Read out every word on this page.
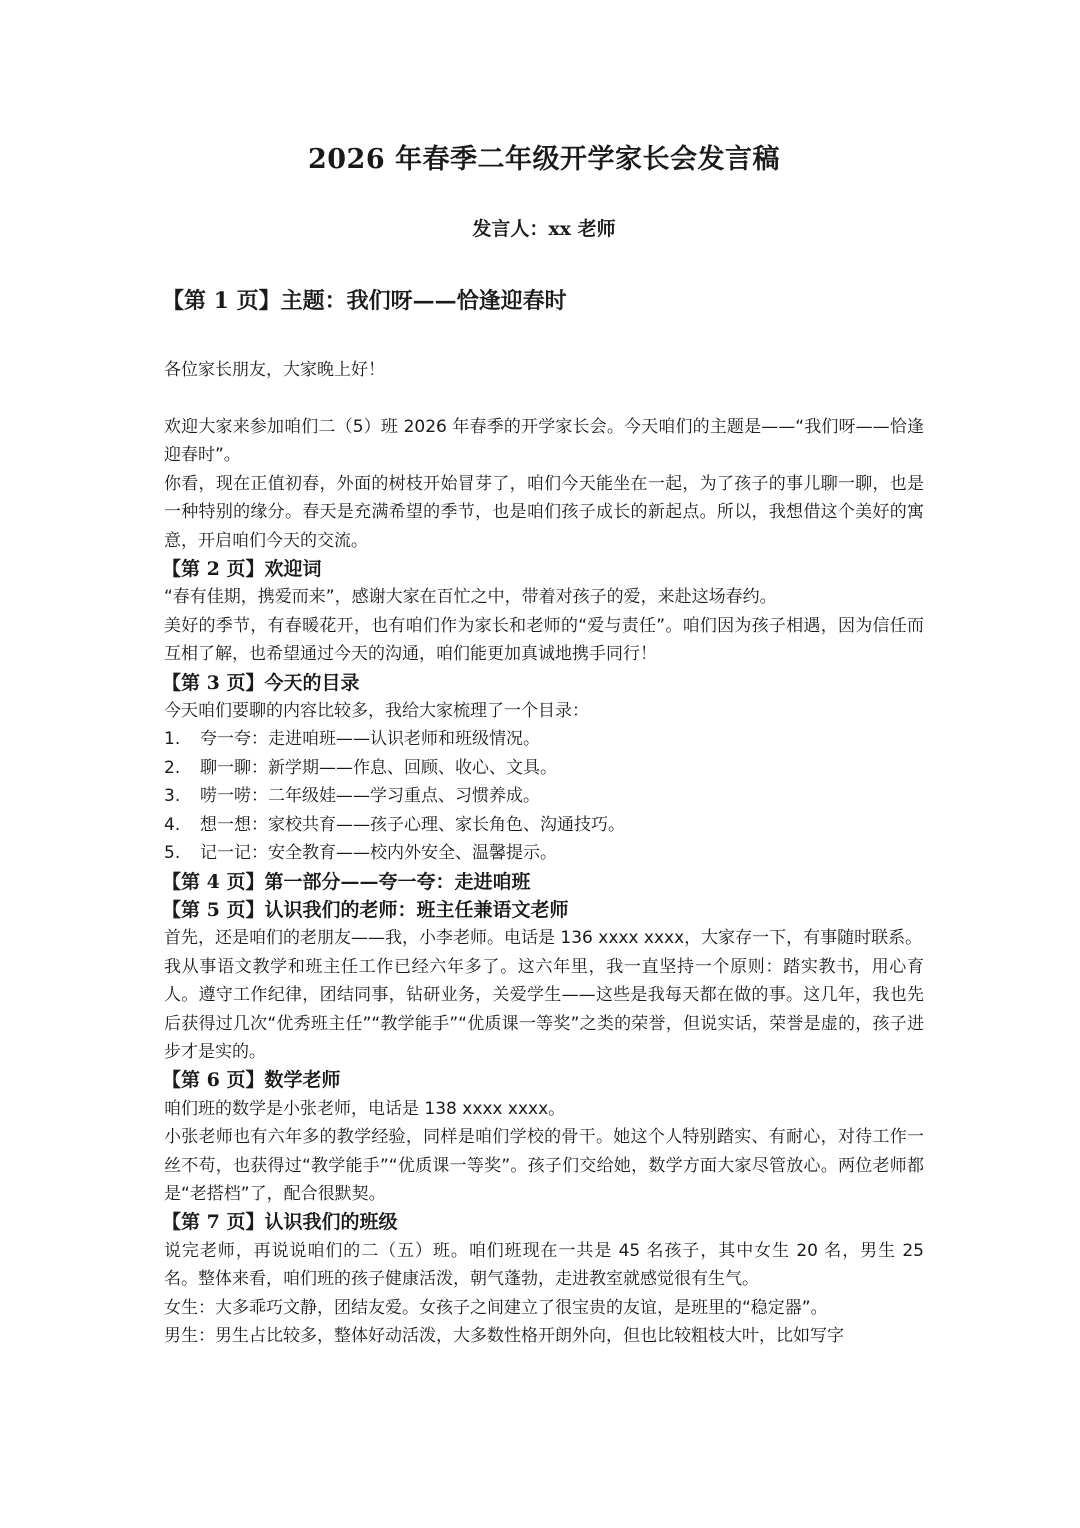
2026 年春季二年级开学家长会发言稿
发言人：xx 老师
【第 1 页】主题：我们呀——恰逢迎春时

各位家长朋友，大家晚上好！

欢迎大家来参加咱们二（5）班 2026 年春季的开学家长会。今天咱们的主题是——“我们呀——恰逢迎春时”。

你看，现在正值初春，外面的树枝开始冒芽了，咱们今天能坐在一起，为了孩子的事儿聊一聊，也是一种特别的缘分。春天是充满希望的季节，也是咱们孩子成长的新起点。所以，我想借这个美好的寓意，开启咱们今天的交流。

【第 2 页】欢迎词

“春有佳期，携爱而来”，感谢大家在百忙之中，带着对孩子的爱，来赴这场春约。

美好的季节，有春暖花开，也有咱们作为家长和老师的“爱与责任”。咱们因为孩子相遇，因为信任而互相了解，也希望通过今天的沟通，咱们能更加真诚地携手同行！

【第 3 页】今天的目录

今天咱们要聊的内容比较多，我给大家梳理了一个目录：

1.	夸一夸：走进咱班——认识老师和班级情况。
2.	聊一聊：新学期——作息、回顾、收心、文具。
3.	唠一唠：二年级娃——学习重点、习惯养成。
4.	想一想：家校共育——孩子心理、家长角色、沟通技巧。
5.	记一记：安全教育——校内外安全、温馨提示。
【第 4 页】第一部分——夸一夸：走进咱班
【第 5 页】认识我们的老师：班主任兼语文老师

首先，还是咱们的老朋友——我，小李老师。电话是 136 xxxx xxxx，大家存一下，有事随时联系。

我从事语文教学和班主任工作已经六年多了。这六年里，我一直坚持一个原则：踏实教书，用心育人。遵守工作纪律，团结同事，钻研业务，关爱学生——这些是我每天都在做的事。这几年，我也先后获得过几次“优秀班主任”“教学能手”“优质课一等奖”之类的荣誉，但说实话，荣誉是虚的，孩子进步才是实的。

【第 6 页】数学老师

咱们班的数学是小张老师，电话是 138 xxxx xxxx。

小张老师也有六年多的教学经验，同样是咱们学校的骨干。她这个人特别踏实、有耐心，对待工作一丝不苟，也获得过“教学能手”“优质课一等奖”。孩子们交给她，数学方面大家尽管放心。两位老师都是“老搭档”了，配合很默契。

【第 7 页】认识我们的班级

说完老师，再说说咱们的二（五）班。咱们班现在一共是 45 名孩子，其中女生 20 名，男生 25 名。整体来看，咱们班的孩子健康活泼，朝气蓬勃，走进教室就感觉很有生气。

女生：大多乖巧文静，团结友爱。女孩子之间建立了很宝贵的友谊，是班里的“稳定器”。

男生：男生占比较多，整体好动活泼，大多数性格开朗外向，但也比较粗枝大叶，比如写字
